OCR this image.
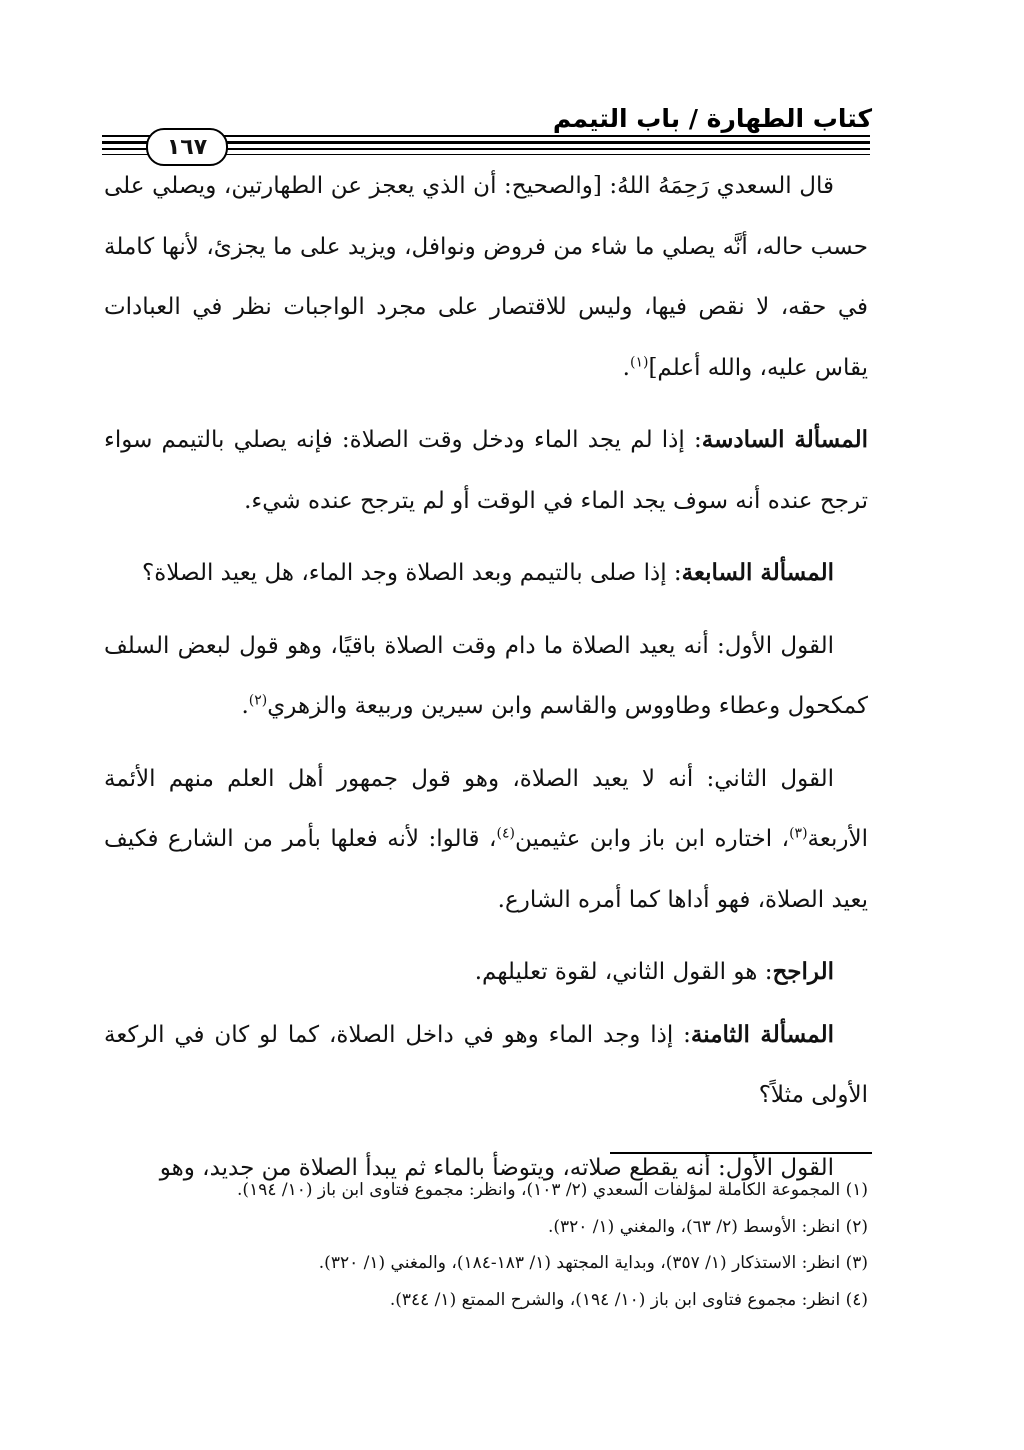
كتاب الطهارة / باب التيمم
١٦٧

قال السعدي رَحِمَهُ اللهُ: [والصحيح: أن الذي يعجز عن الطهارتين، ويصلي على حسب حاله، أنَّه يصلي ما شاء من فروض ونوافل، ويزيد على ما يجزئ، لأنها كاملة في حقه، لا نقص فيها، وليس للاقتصار على مجرد الواجبات نظر في العبادات يقاس عليه، والله أعلم]$^{(١)}$.

المسألة السادسة: إذا لم يجد الماء ودخل وقت الصلاة: فإنه يصلي بالتيمم سواء ترجح عنده أنه سوف يجد الماء في الوقت أو لم يترجح عنده شيء.

المسألة السابعة: إذا صلى بالتيمم وبعد الصلاة وجد الماء، هل يعيد الصلاة؟

القول الأول: أنه يعيد الصلاة ما دام وقت الصلاة باقيًا، وهو قول لبعض السلف كمكحول وعطاء وطاووس والقاسم وابن سيرين وربيعة والزهري$^{(٢)}$.

القول الثاني: أنه لا يعيد الصلاة، وهو قول جمهور أهل العلم منهم الأئمة الأربعة$^{(٣)}$، اختاره ابن باز وابن عثيمين$^{(٤)}$، قالوا: لأنه فعلها بأمر من الشارع فكيف يعيد الصلاة، فهو أداها كما أمره الشارع.

الراجح: هو القول الثاني، لقوة تعليلهم.

المسألة الثامنة: إذا وجد الماء وهو في داخل الصلاة، كما لو كان في الركعة الأولى مثلاً؟

القول الأول: أنه يقطع صلاته، ويتوضأ بالماء ثم يبدأ الصلاة من جديد، وهو

(١) المجموعة الكاملة لمؤلفات السعدي (٢/ ١٠٣)، وانظر: مجموع فتاوى ابن باز (١٠/ ١٩٤).

(٢) انظر: الأوسط (٢/ ٦٣)، والمغني (١/ ٣٢٠).

(٣) انظر: الاستذكار (١/ ٣٥٧)، وبداية المجتهد (١/ ١٨٣-١٨٤)، والمغني (١/ ٣٢٠).

(٤) انظر: مجموع فتاوى ابن باز (١٠/ ١٩٤)، والشرح الممتع (١/ ٣٤٤).
